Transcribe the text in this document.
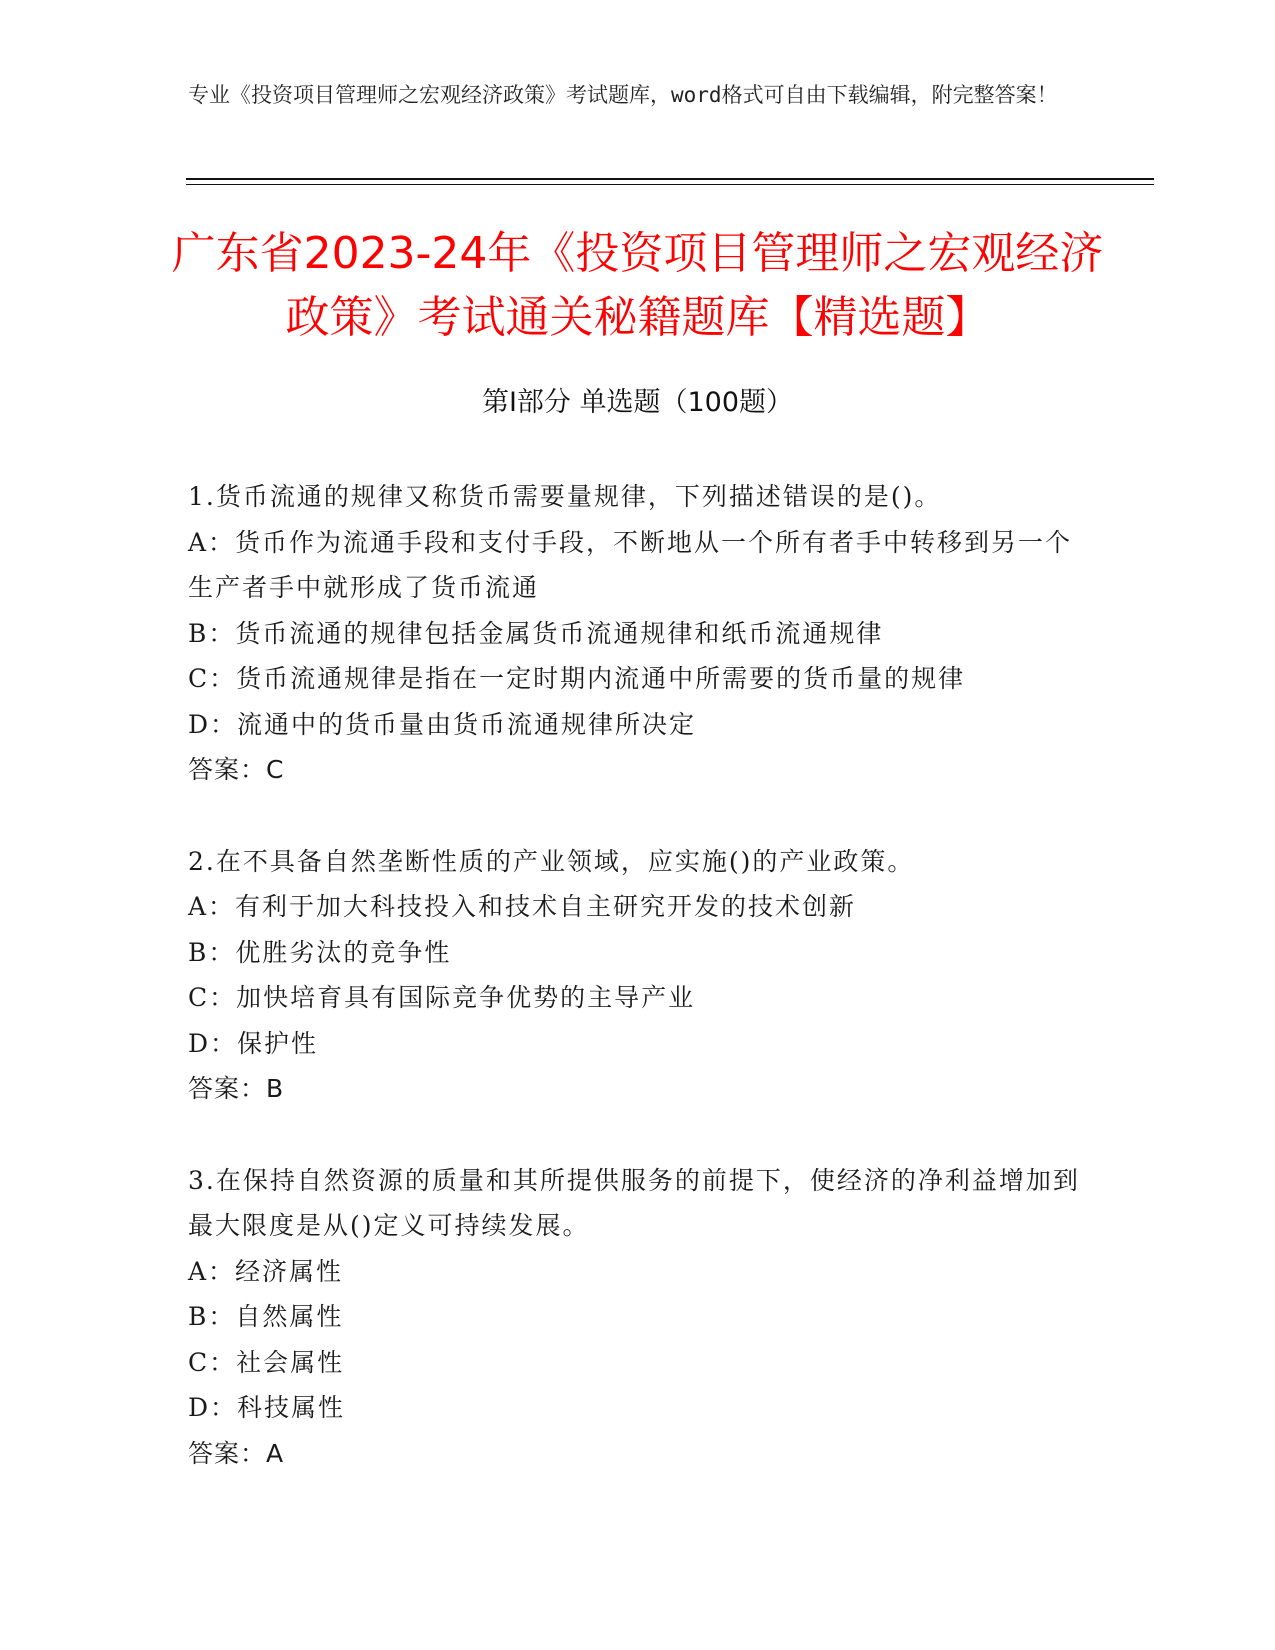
专业《投资项目管理师之宏观经济政策》考试题库，word格式可自由下载编辑，附完整答案！
广东省2023-24年《投资项目管理师之宏观经济政策》考试通关秘籍题库【精选题】
第Ⅰ部分 单选题（100题）

1.货币流通的规律又称货币需要量规律，下列描述错误的是()。

A：货币作为流通手段和支付手段，不断地从一个所有者手中转移到另一个生产者手中就形成了货币流通

B：货币流通的规律包括金属货币流通规律和纸币流通规律

C：货币流通规律是指在一定时期内流通中所需要的货币量的规律

D：流通中的货币量由货币流通规律所决定

答案：C

2.在不具备自然垄断性质的产业领域，应实施()的产业政策。

A：有利于加大科技投入和技术自主研究开发的技术创新

B：优胜劣汰的竞争性

C：加快培育具有国际竞争优势的主导产业

D：保护性

答案：B

3.在保持自然资源的质量和其所提供服务的前提下，使经济的净利益增加到最大限度是从()定义可持续发展。

A：经济属性

B：自然属性

C：社会属性

D：科技属性

答案：A
